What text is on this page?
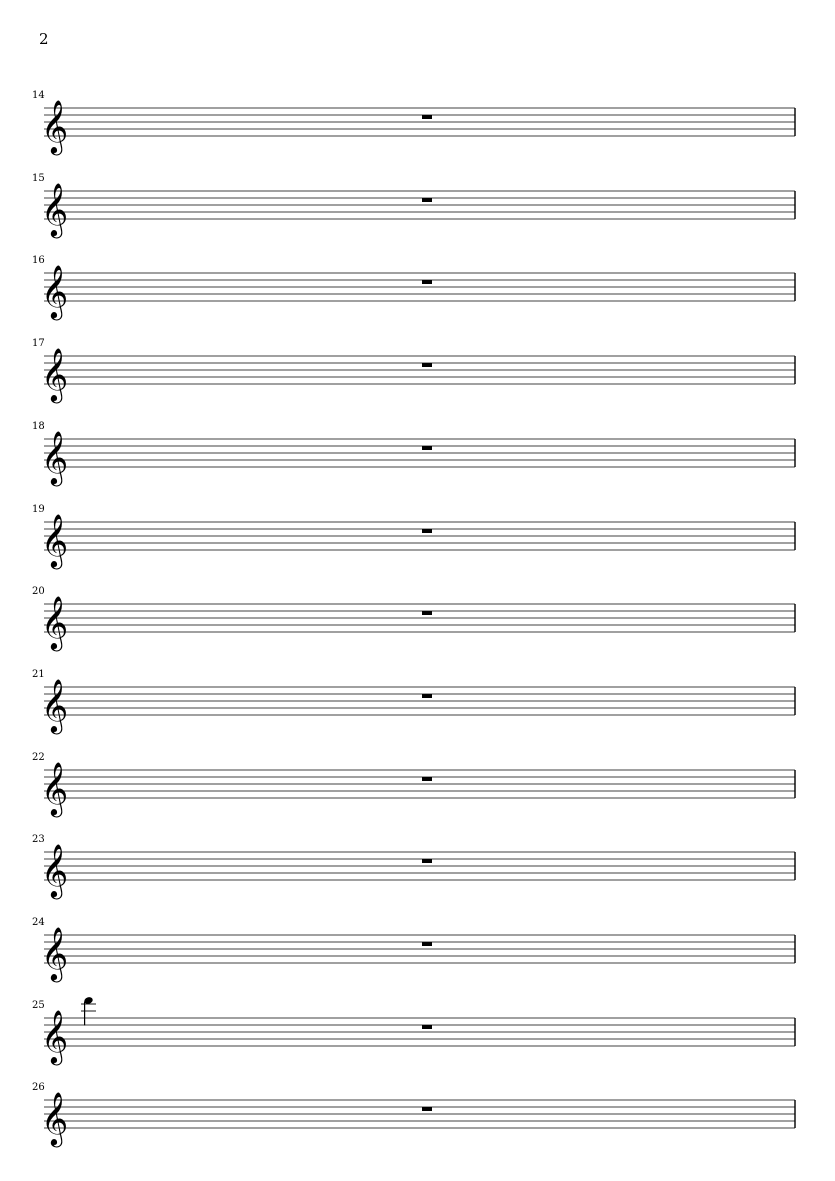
2
14
𝄞
15
𝄞
16
𝄞
17
𝄞
18
𝄞
19
𝄞
20
𝄞
21
𝄞
22
𝄞
23
𝄞
24
𝄞
25
𝄞
26
𝄞
